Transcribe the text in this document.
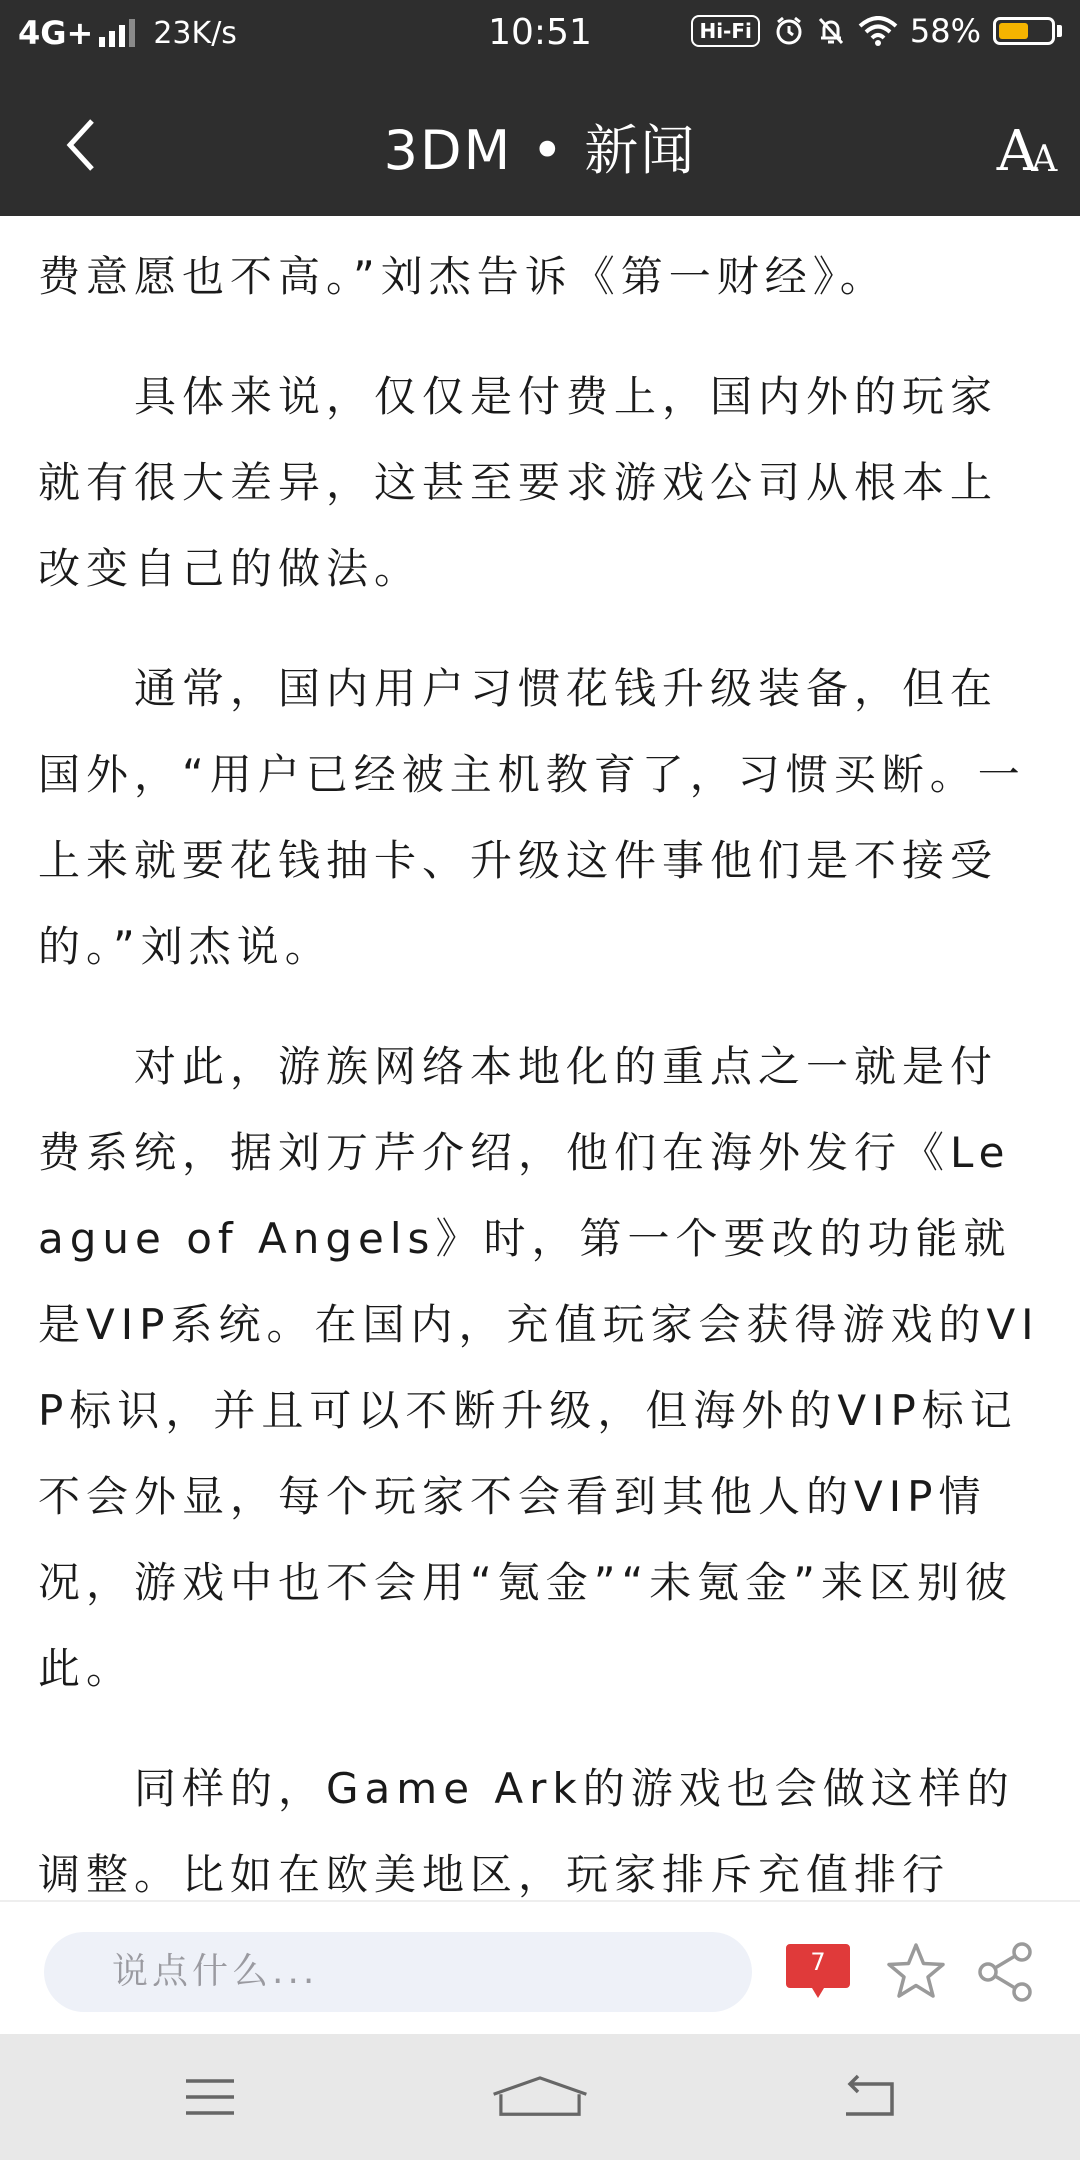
4G+ 23K/s	10:51	Hi-Fi	58%
3DM • 新闻	A
A

费意愿也不高。”刘杰告诉《第一财经》。

具体来说，仅仅是付费上，国内外的玩家就有很大差异，这甚至要求游戏公司从根本上改变自己的做法。

通常，国内用户习惯花钱升级装备，但在国外，“用户已经被主机教育了，习惯买断。一上来就要花钱抽卡、升级这件事他们是不接受的。”刘杰说。

对此，游族网络本地化的重点之一就是付费系统，据刘万芹介绍，他们在海外发行《League of Angels》时，第一个要改的功能就是VIP系统。在国内，充值玩家会获得游戏的VIP标识，并且可以不断升级，但海外的VIP标记不会外显，每个玩家不会看到其他人的VIP情况，游戏中也不会用“氪金”“未氪金”来区别彼此。

同样的，Game Ark的游戏也会做这样的调整。比如在欧美地区，玩家排斥充值排行

说点什么...	7
